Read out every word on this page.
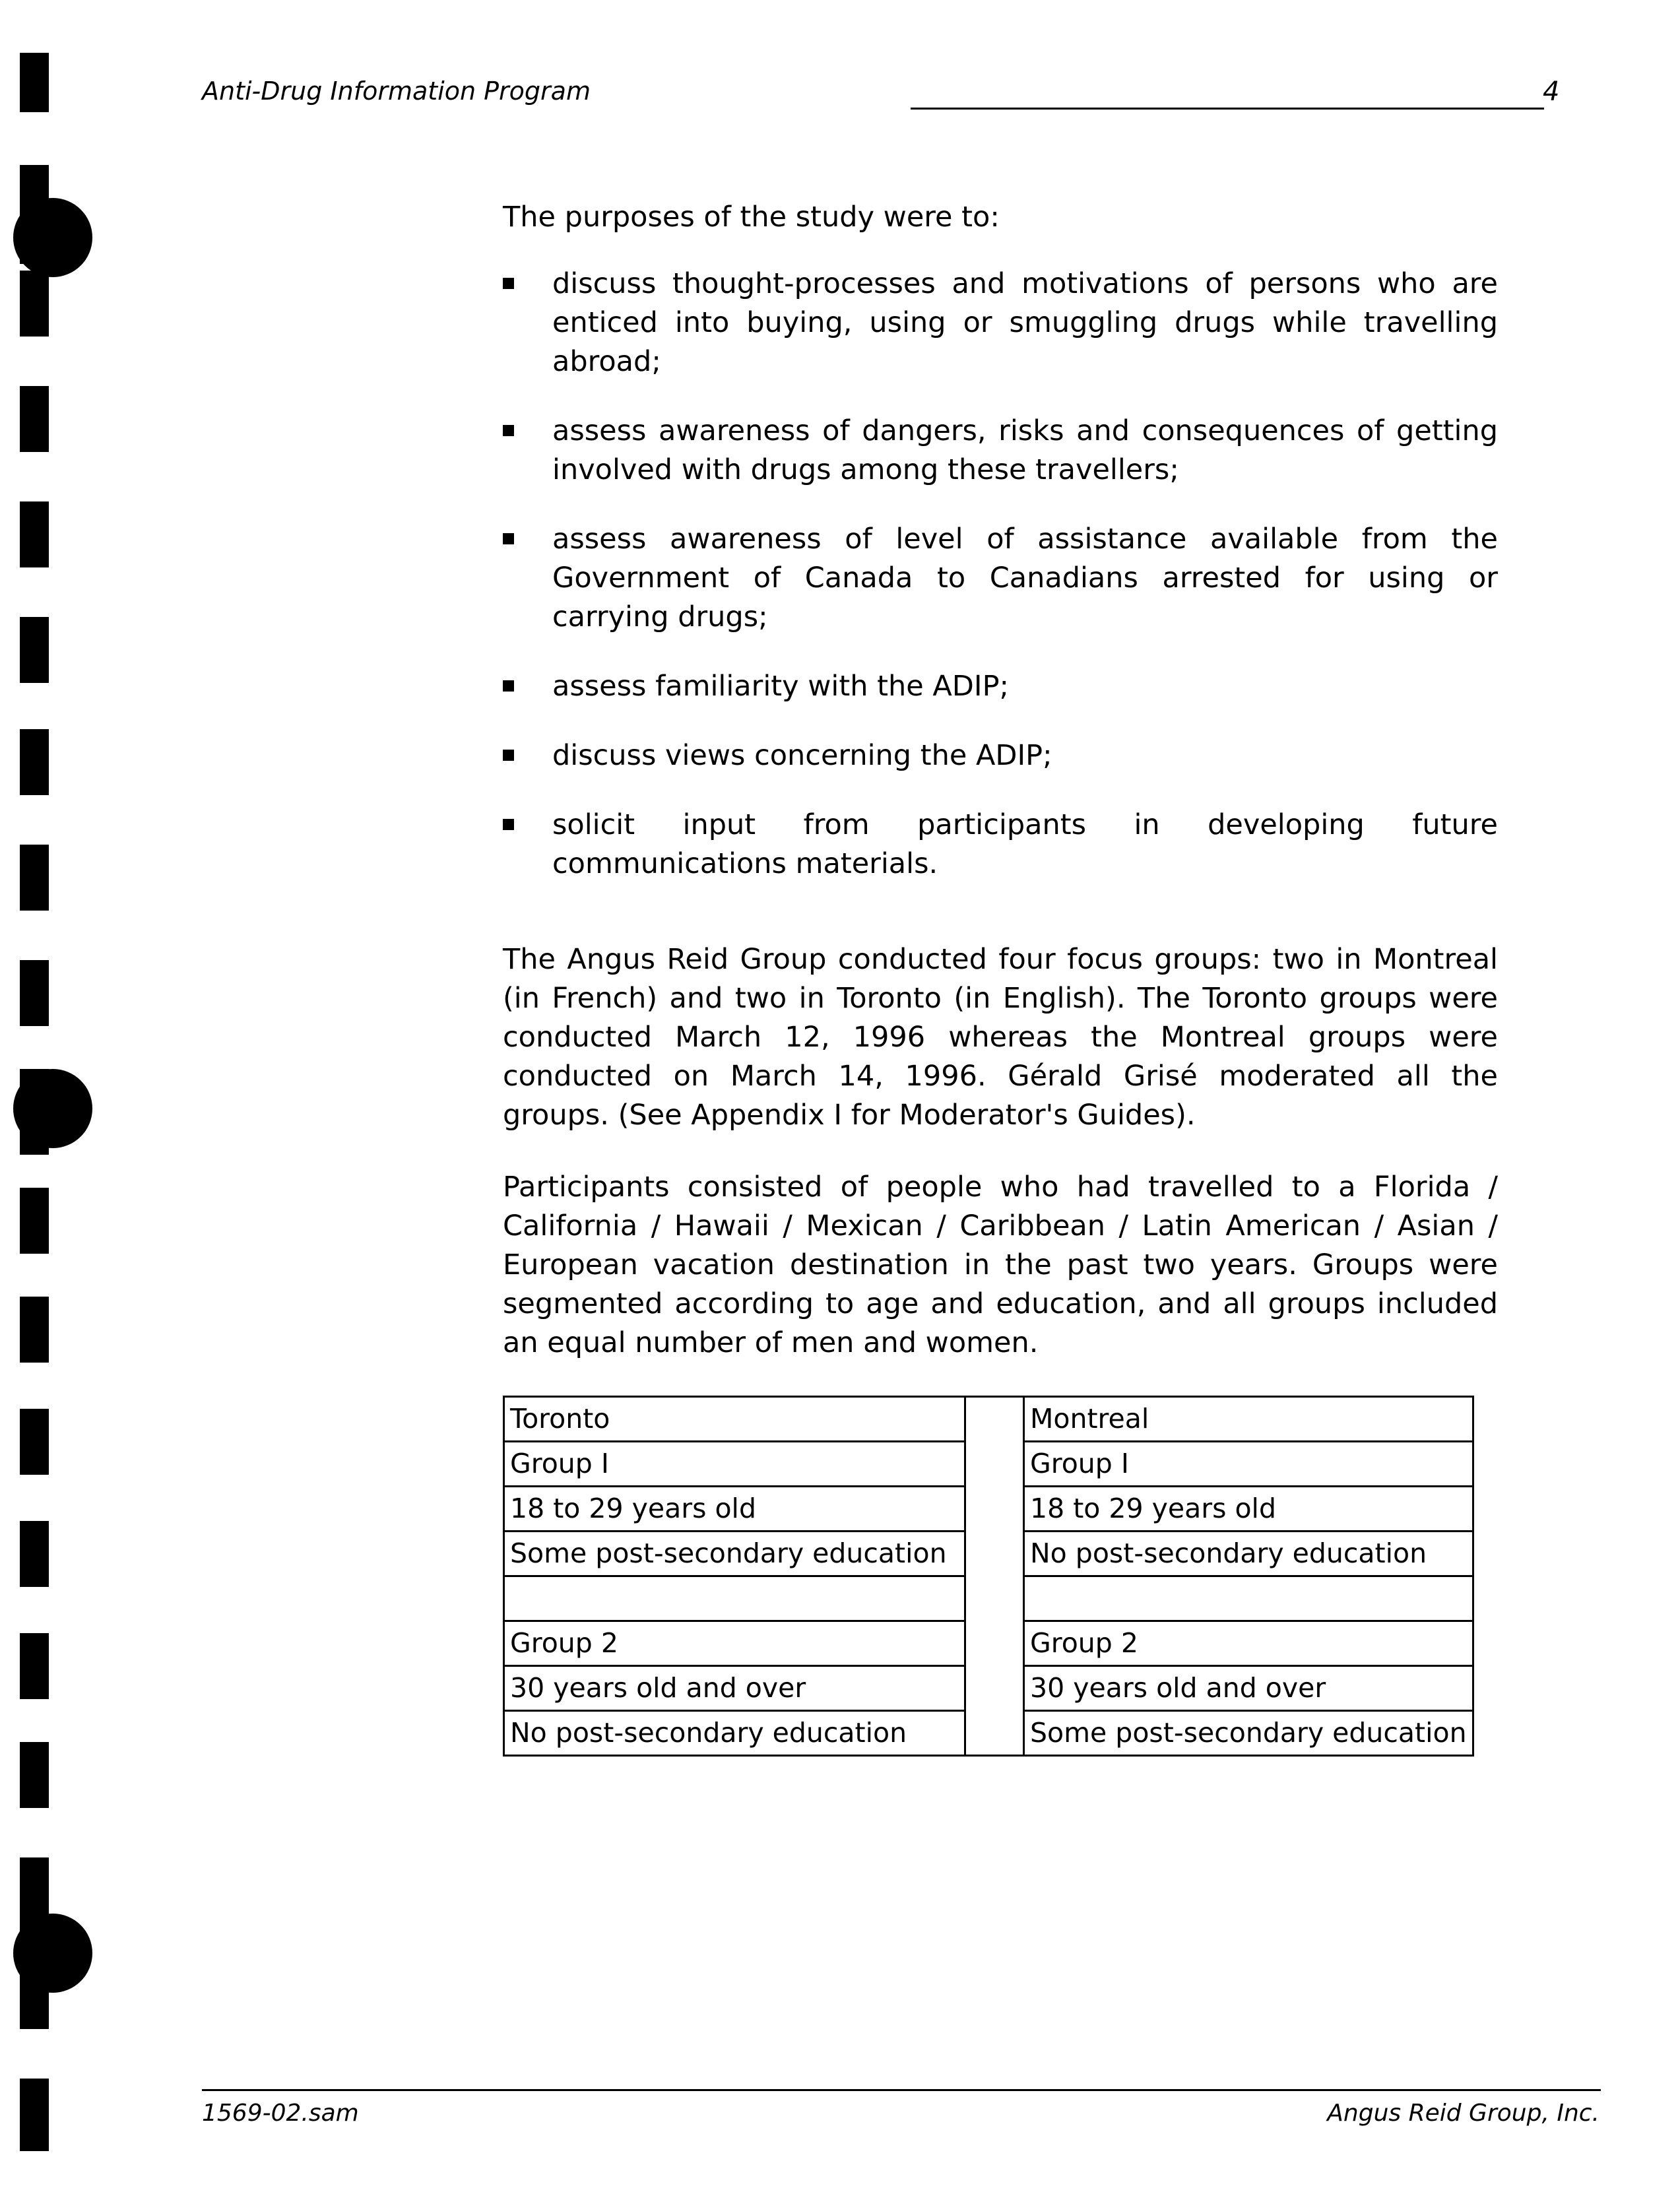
Anti-Drug Information Program	4

The purposes of the study were to:

discuss thought-processes and motivations of persons who are enticed into buying, using or smuggling drugs while travelling abroad;
assess awareness of dangers, risks and consequences of getting involved with drugs among these travellers;
assess awareness of level of assistance available from the Government of Canada to Canadians arrested for using or carrying drugs;
assess familiarity with the ADIP;
discuss views concerning the ADIP;
solicit input from participants in developing future communications materials.

The Angus Reid Group conducted four focus groups: two in Montreal (in French) and two in Toronto (in English). The Toronto groups were conducted March 12, 1996 whereas the Montreal groups were conducted on March 14, 1996. Gérald Grisé moderated all the groups. (See Appendix I for Moderator's Guides).

Participants consisted of people who had travelled to a Florida / California / Hawaii / Mexican / Caribbean / Latin American / Asian / European vacation destination in the past two years. Groups were segmented according to age and education, and all groups included an equal number of men and women.

Toronto		Montreal
Group I		Group I
18 to 29 years old		18 to 29 years old
Some post-secondary education		No post-secondary education

Group 2		Group 2
30 years old and over		30 years old and over
No post-secondary education		Some post-secondary education
1569-02.sam	Angus Reid Group, Inc.
